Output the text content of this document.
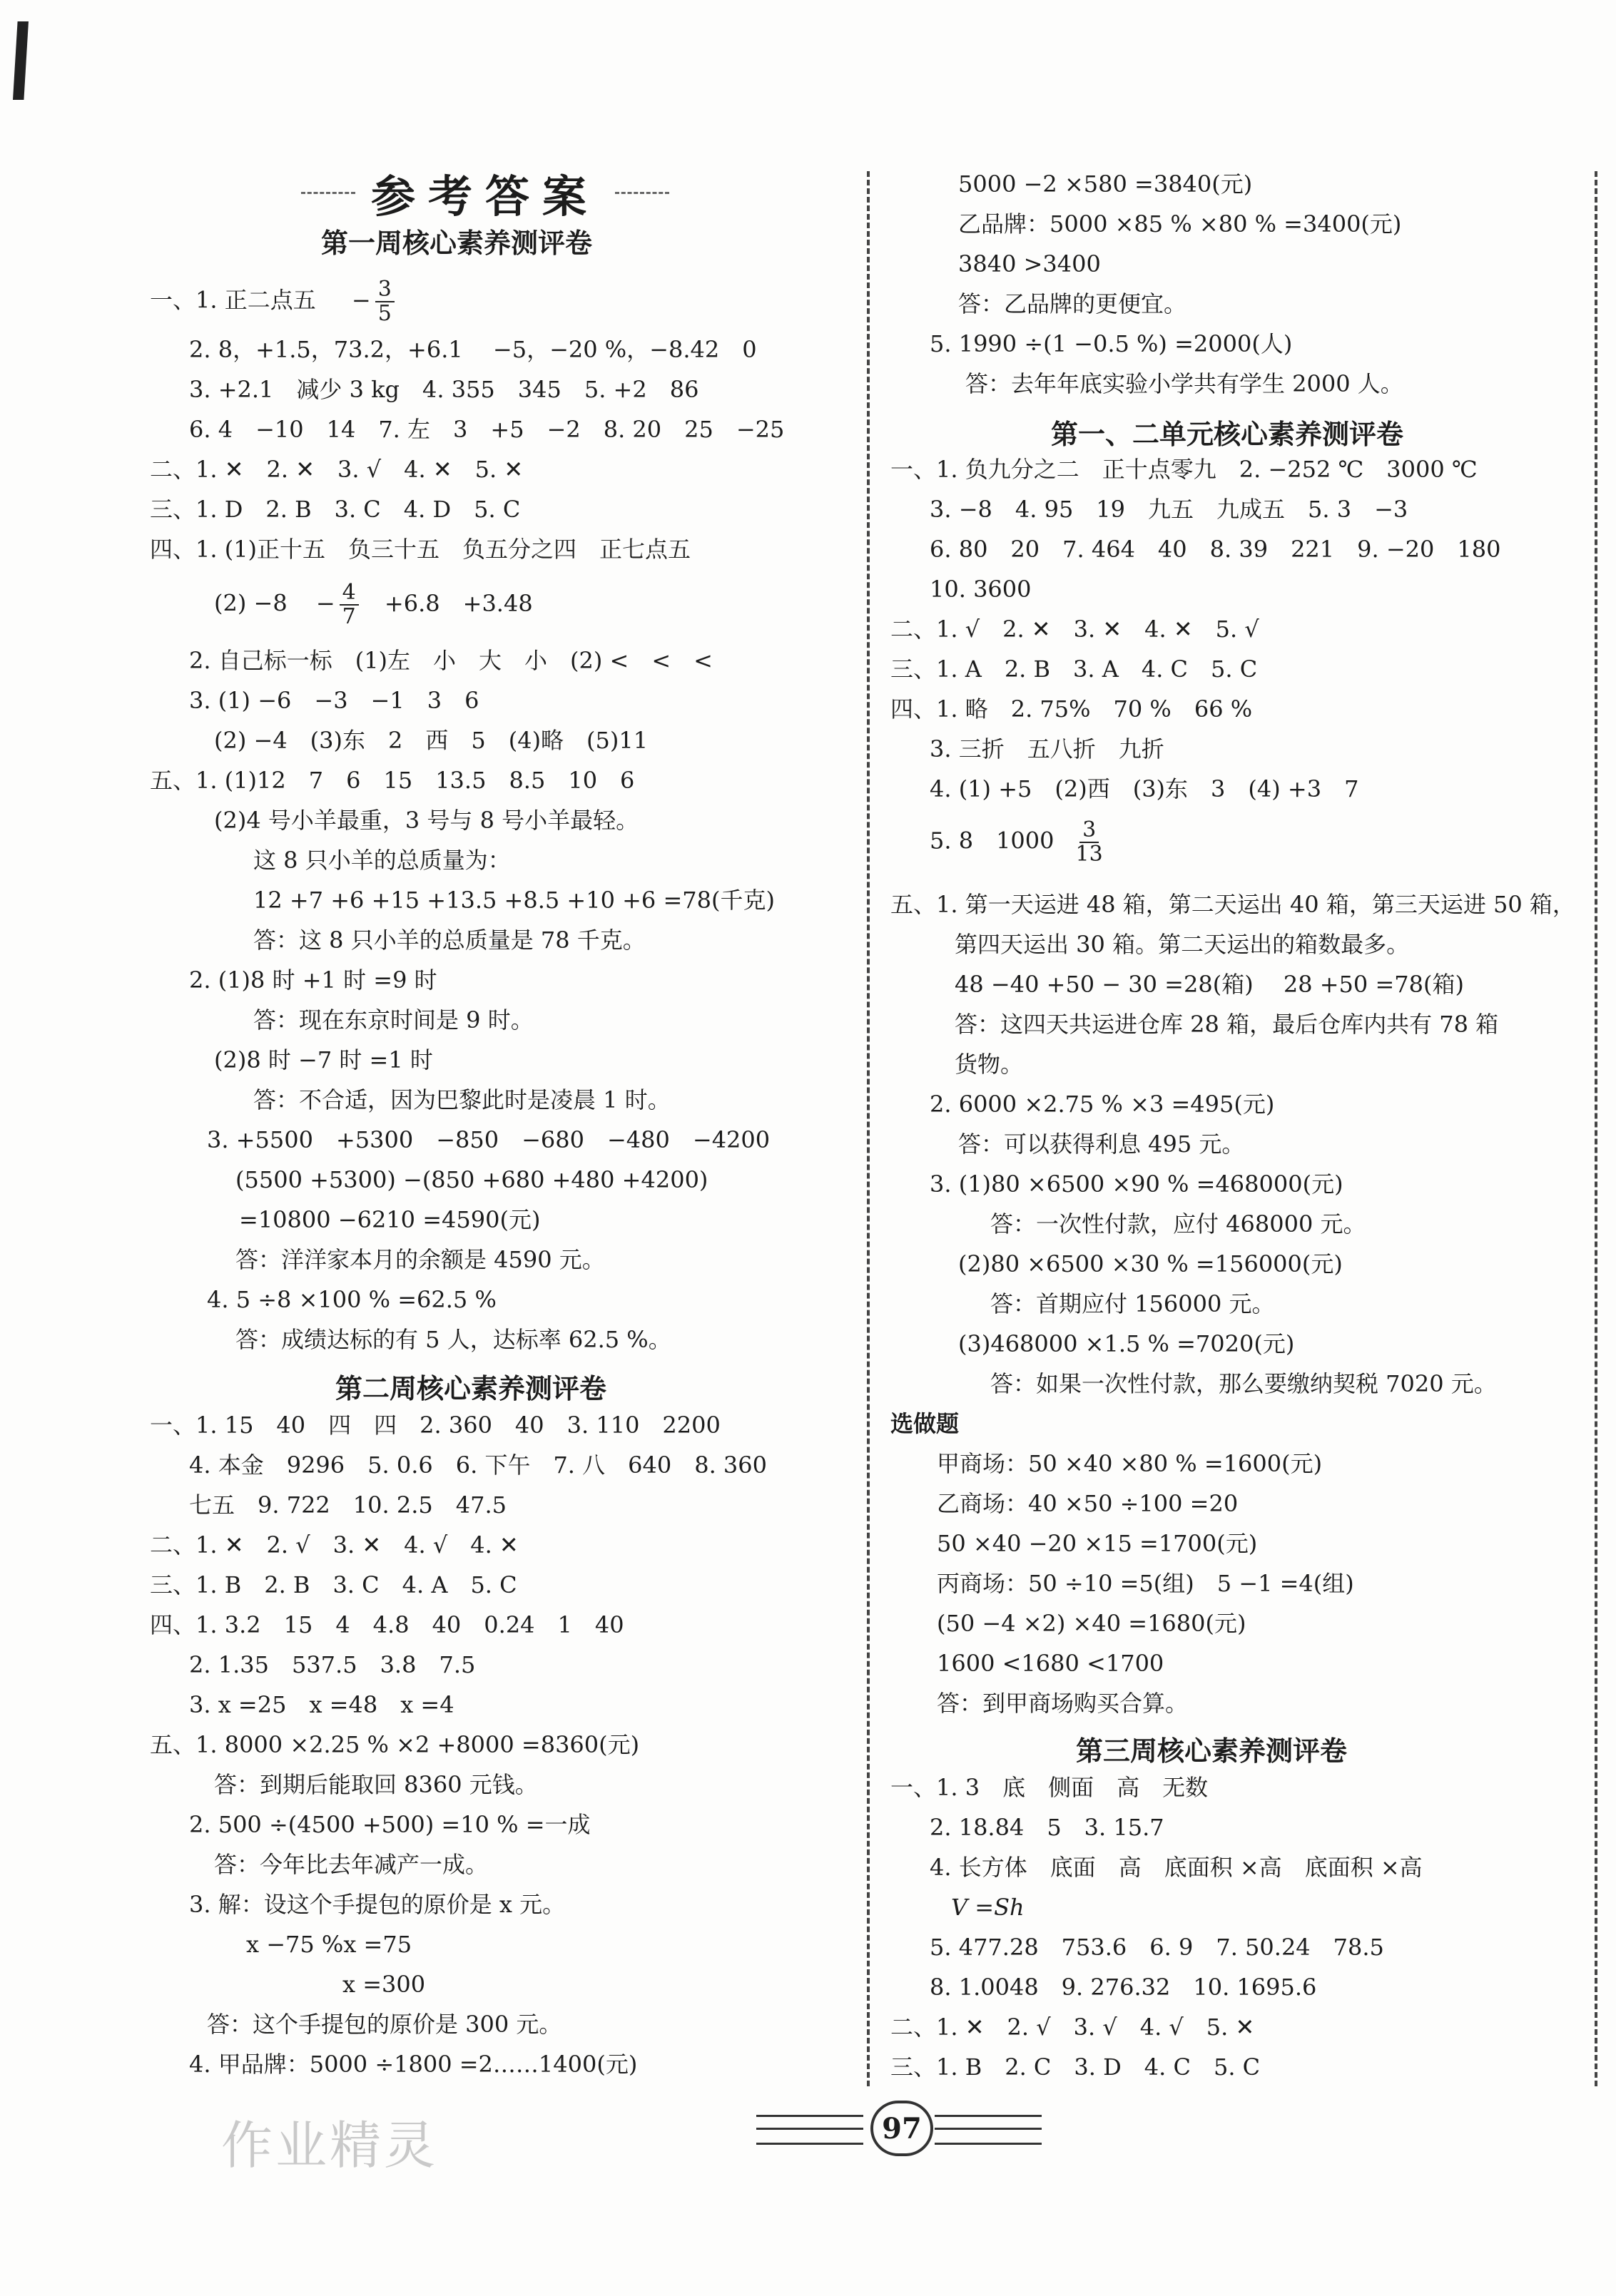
参考答案
第一周核心素养测评卷
一、1. 正二点五 − $\frac{3}{5}$
2. 8，+1.5，73.2，+6.1　 −5，−20 %，−8.42　0
3. +2.1　减少 3 kg　4. 355　345　5. +2　86
6. 4　−10　14　7. 左　3　+5　−2　8. 20　25　−25
二、1. ✕　2. ✕　3. √　4. ✕　5. ✕
三、1. D　2. B　3. C　4. D　5. C
四、1. (1)正十五　负三十五　负五分之四　正七点五
$(2) -8 - \frac{4}{7} +6.8$　+3.48
2. 自己标一标　(1)左　小　大　小　(2) <　<　<
3. (1) −6　−3　−1　3　6
(2) −4　(3)东　2　西　5　(4)略　(5)11
五、1. (1)12　7　6　15　13.5　8.5　10　6
(2)4 号小羊最重，3 号与 8 号小羊最轻。
这 8 只小羊的总质量为：
12 +7 +6 +15 +13.5 +8.5 +10 +6 =78(千克)
答：这 8 只小羊的总质量是 78 千克。
2. (1)8 时 +1 时 =9 时
答：现在东京时间是 9 时。
(2)8 时 −7 时 =1 时
答：不合适，因为巴黎此时是凌晨 1 时。
3. +5500　+5300　−850　−680　−480　−4200
(5500 +5300) −(850 +680 +480 +4200)
=10800 −6210 =4590(元)
答：洋洋家本月的余额是 4590 元。
4. 5 ÷8 ×100 % =62.5 %
答：成绩达标的有 5 人，达标率 62.5 %。
第二周核心素养测评卷
一、1. 15　40　四　四　2. 360　40　3. 110　2200
4. 本金　9296　5. 0.6　6. 下午　7. 八　640　8. 360
七五　9. 722　10. 2.5　47.5
二、1. ✕　2. √　3. ✕　4. √　4. ✕
三、1. B　2. B　3. C　4. A　5. C
四、1. 3.2　15　4　4.8　40　0.24　1　40
2. 1.35　537.5　3.8　7.5
3. x =25　x =48　x =4
五、1. 8000 ×2.25 % ×2 +8000 =8360(元)
答：到期后能取回 8360 元钱。
2. 500 ÷(4500 +500) =10 % =一成
答：今年比去年减产一成。
3. 解：设这个手提包的原价是 x 元。
x −75 %x =75
x =300
答：这个手提包的原价是 300 元。
4. 甲品牌：5000 ÷1800 =2……1400(元)
5000 −2 ×580 =3840(元)
乙品牌：5000 ×85 % ×80 % =3400(元)
3840 >3400
答：乙品牌的更便宜。
5. 1990 ÷(1 −0.5 %) =2000(人)
答：去年年底实验小学共有学生 2000 人。
第一、二单元核心素养测评卷
一、1. 负九分之二　正十点零九　2. −252 ℃　3000 ℃
3. −8　4. 95　19　九五　九成五　5. 3　−3
6. 80　20　7. 464　40　8. 39　221　9. −20　180
10. 3600
二、1. √　2. ✕　3. ✕　4. ✕　5. √
三、1. A　2. B　3. A　4. C　5. C
四、1. 略　2. 75%　70 %　66 %
3. 三折　五八折　九折
4. (1) +5　(2)西　(3)东　3　(4) +3　7
5. 8　$1000 \frac{3}{13}$
五、1. 第一天运进 48 箱，第二天运出 40 箱，第三天运进 50 箱，
第四天运出 30 箱。第二天运出的箱数最多。
48 −40 +50 − 30 =28(箱)　 28 +50 =78(箱)
答：这四天共运进仓库 28 箱，最后仓库内共有 78 箱
货物。
2. 6000 ×2.75 % ×3 =495(元)
答：可以获得利息 495 元。
3. (1)80 ×6500 ×90 % =468000(元)
答：一次性付款，应付 468000 元。
(2)80 ×6500 ×30 % =156000(元)
答：首期应付 156000 元。
(3)468000 ×1.5 % =7020(元)
答：如果一次性付款，那么要缴纳契税 7020 元。
选做题
甲商场：50 ×40 ×80 % =1600(元)
乙商场：40 ×50 ÷100 =20
50 ×40 −20 ×15 =1700(元)
丙商场：50 ÷10 =5(组)　5 −1 =4(组)
(50 −4 ×2) ×40 =1680(元)
1600 <1680 <1700
答：到甲商场购买合算。
第三周核心素养测评卷
一、1. 3　底　侧面　高　无数
2. 18.84　5　3. 15.7
4. 长方体　底面　高　底面积 ×高　底面积 ×高
V =Sh
5. 477.28　753.6　6. 9　7. 50.24　78.5
8. 1.0048　9. 276.32　10. 1695.6
二、1. ✕　2. √　3. √　4. √　5. ✕
三、1. B　2. C　3. D　4. C　5. C
作业精灵	97
